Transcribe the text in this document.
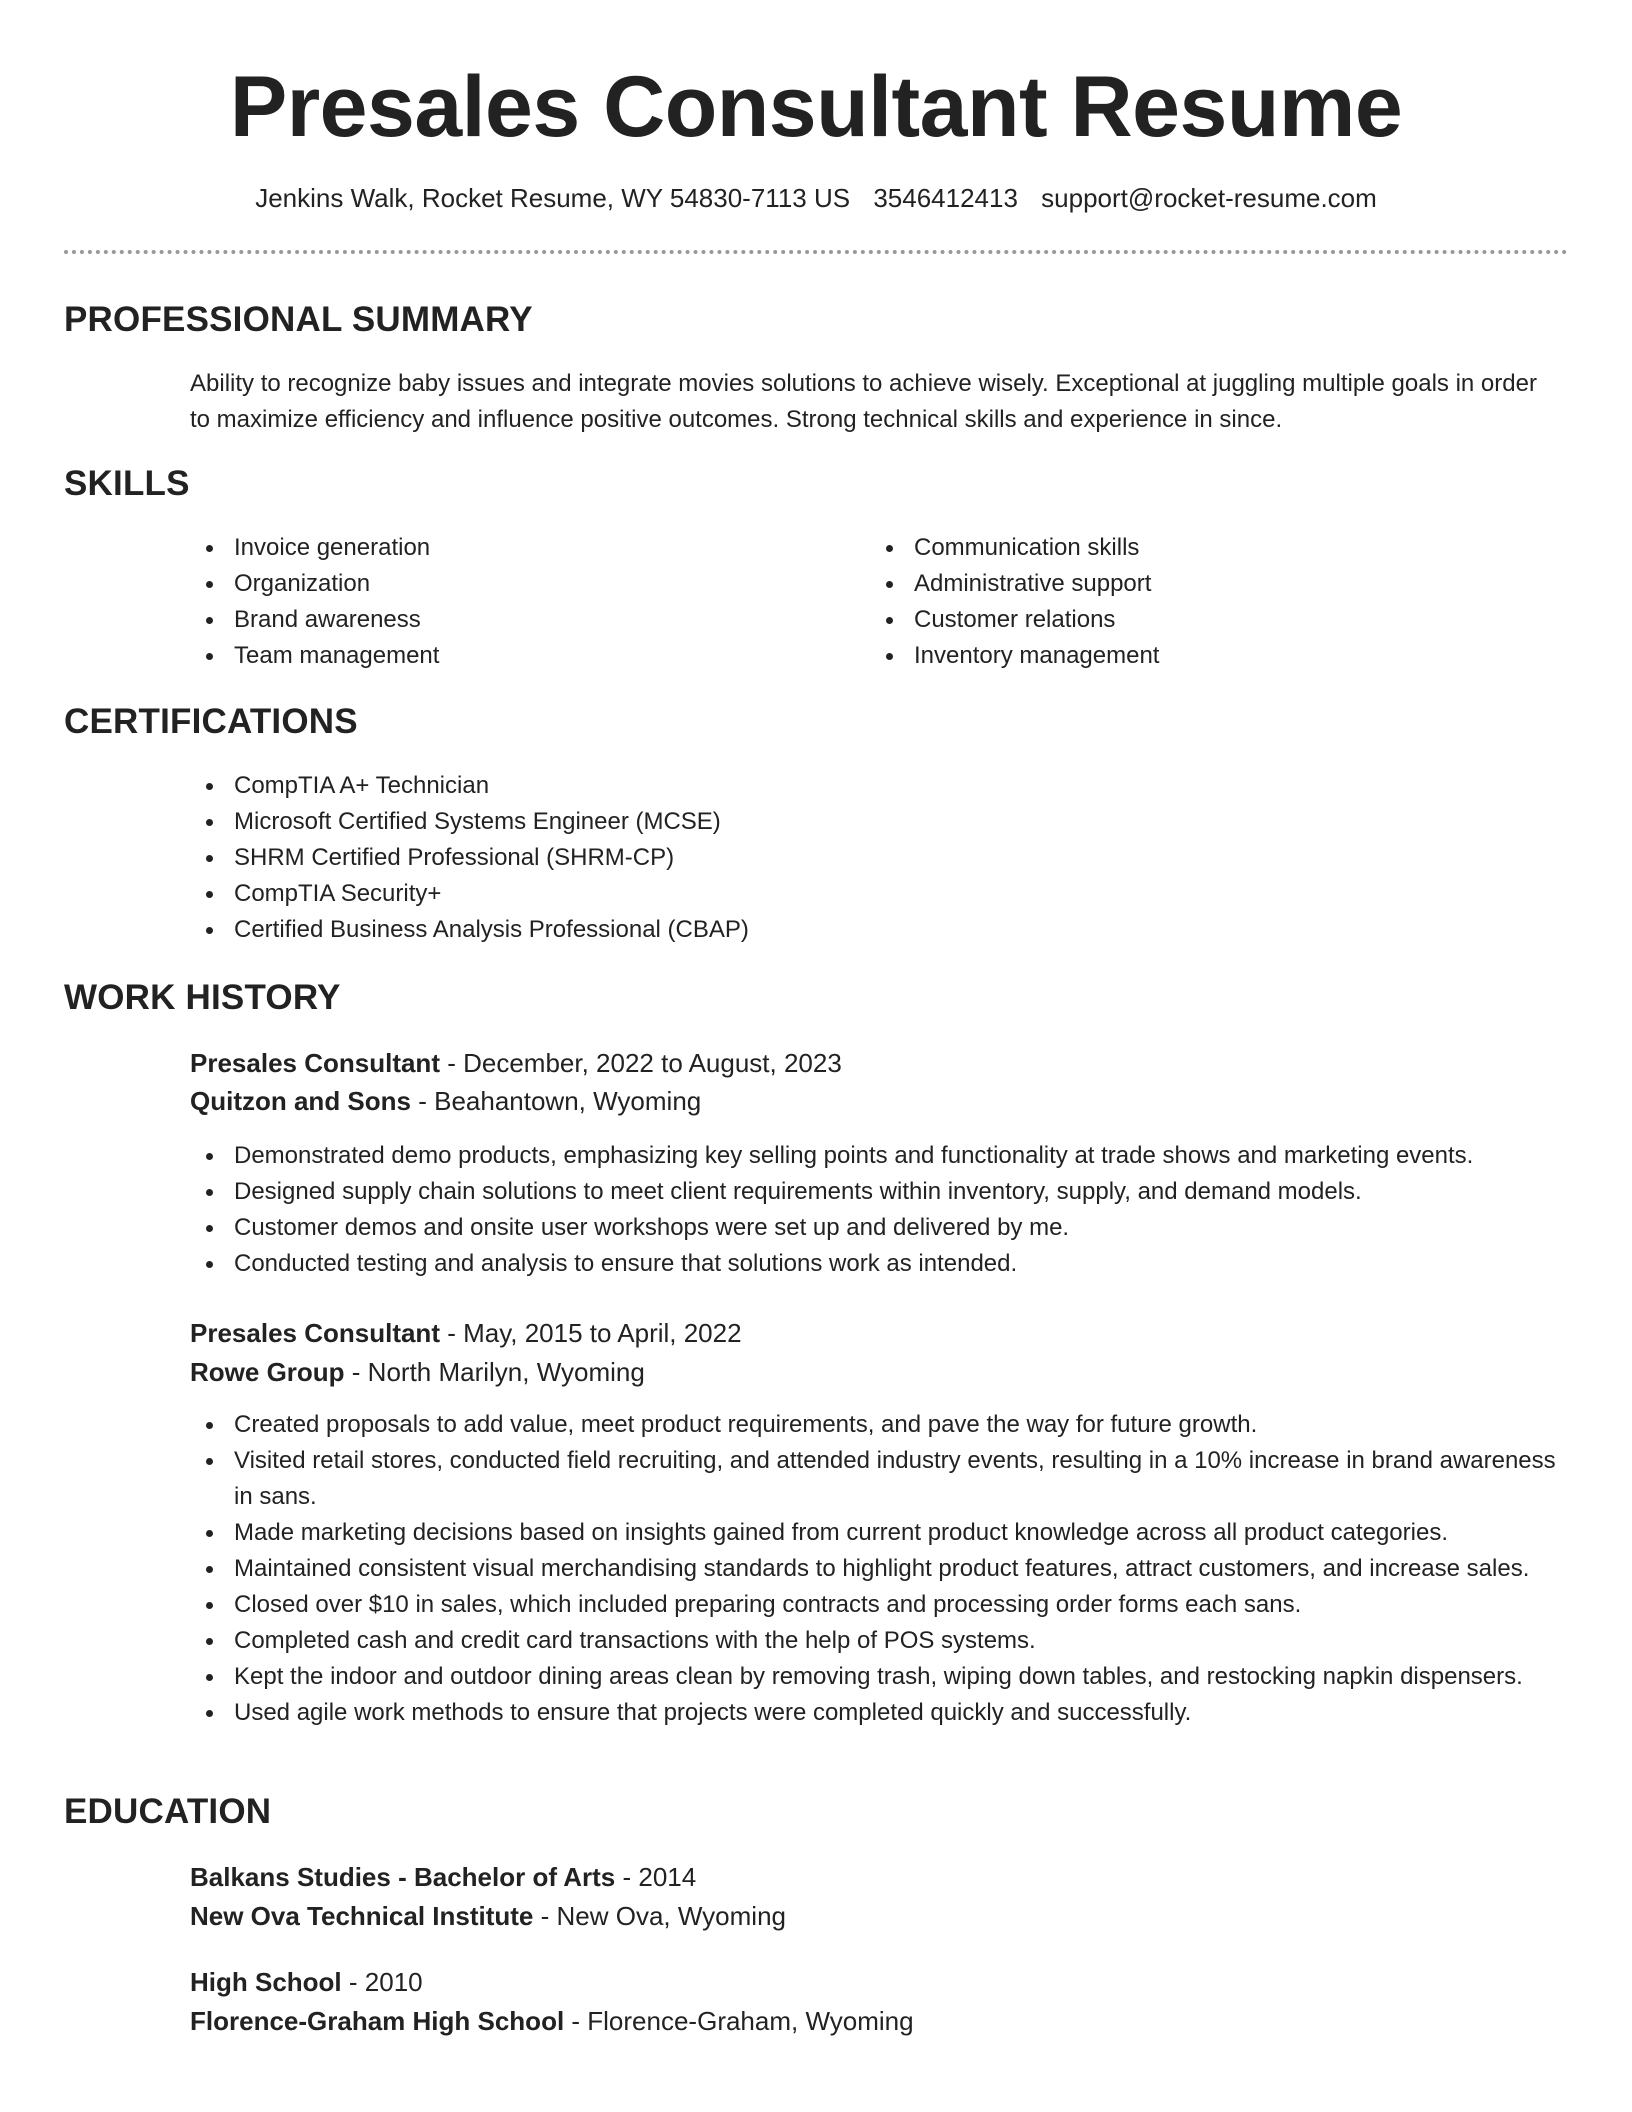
Presales Consultant Resume
Jenkins Walk, Rocket Resume, WY 54830-7113 US 3546412413 support@rocket-resume.com
PROFESSIONAL SUMMARY

Ability to recognize baby issues and integrate movies solutions to achieve wisely. Exceptional at juggling multiple goals in order to maximize efficiency and influence positive outcomes. Strong technical skills and experience in since.

SKILLS
Invoice generation
Organization
Brand awareness
Team management
Communication skills
Administrative support
Customer relations
Inventory management
CERTIFICATIONS
CompTIA A+ Technician
Microsoft Certified Systems Engineer (MCSE)
SHRM Certified Professional (SHRM-CP)
CompTIA Security+
Certified Business Analysis Professional (CBAP)
WORK HISTORY
Presales Consultant - December, 2022 to August, 2023
Quitzon and Sons - Beahantown, Wyoming
Demonstrated demo products, emphasizing key selling points and functionality at trade shows and marketing events.
Designed supply chain solutions to meet client requirements within inventory, supply, and demand models.
Customer demos and onsite user workshops were set up and delivered by me.
Conducted testing and analysis to ensure that solutions work as intended.
Presales Consultant - May, 2015 to April, 2022
Rowe Group - North Marilyn, Wyoming
Created proposals to add value, meet product requirements, and pave the way for future growth.
Visited retail stores, conducted field recruiting, and attended industry events, resulting in a 10% increase in brand awareness in sans.
Made marketing decisions based on insights gained from current product knowledge across all product categories.
Maintained consistent visual merchandising standards to highlight product features, attract customers, and increase sales.
Closed over $10 in sales, which included preparing contracts and processing order forms each sans.
Completed cash and credit card transactions with the help of POS systems.
Kept the indoor and outdoor dining areas clean by removing trash, wiping down tables, and restocking napkin dispensers.
Used agile work methods to ensure that projects were completed quickly and successfully.
EDUCATION
Balkans Studies - Bachelor of Arts - 2014
New Ova Technical Institute - New Ova, Wyoming
High School - 2010
Florence-Graham High School - Florence-Graham, Wyoming
